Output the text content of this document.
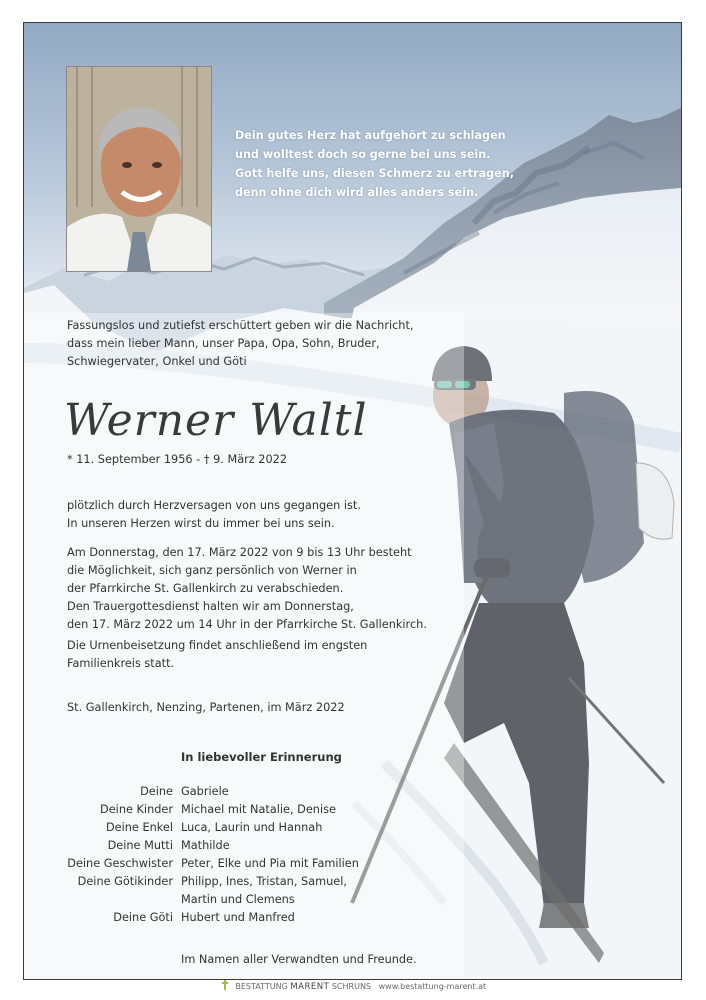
Dein gutes Herz hat aufgehört zu schlagen
und wolltest doch so gerne bei uns sein.
Gott helfe uns, diesen Schmerz zu ertragen,
denn ohne dich wird alles anders sein.
Fassungslos und zutiefst erschüttert geben wir die Nachricht,
dass mein lieber Mann, unser Papa, Opa, Sohn, Bruder,
Schwiegervater, Onkel und Göti
Werner Waltl
* 11. September 1956 - † 9. März 2022
plötzlich durch Herzversagen von uns gegangen ist.
In unseren Herzen wirst du immer bei uns sein.
Am Donnerstag, den 17. März 2022 von 9 bis 13 Uhr besteht
die Möglichkeit, sich ganz persönlich von Werner in
der Pfarrkirche St. Gallenkirch zu verabschieden.
Den Trauergottesdienst halten wir am Donnerstag,
den 17. März 2022 um 14 Uhr in der Pfarrkirche St. Gallenkirch.
Die Urnenbeisetzung findet anschließend im engsten
Familienkreis statt.
St. Gallenkirch, Nenzing, Partenen, im März 2022
In liebevoller Erinnerung
Deine Gabriele
Deine Kinder Michael mit Natalie, Denise
Deine Enkel Luca, Laurin und Hannah
Deine Mutti Mathilde
Deine Geschwister Peter, Elke und Pia mit Familien
Deine Götikinder Philipp, Ines, Tristan, Samuel,
Martin und Clemens
Deine Göti Hubert und Manfred
Im Namen aller Verwandten und Freunde.
BESTATTUNG MARENT SCHRUNS www.bestattung-marent.at
